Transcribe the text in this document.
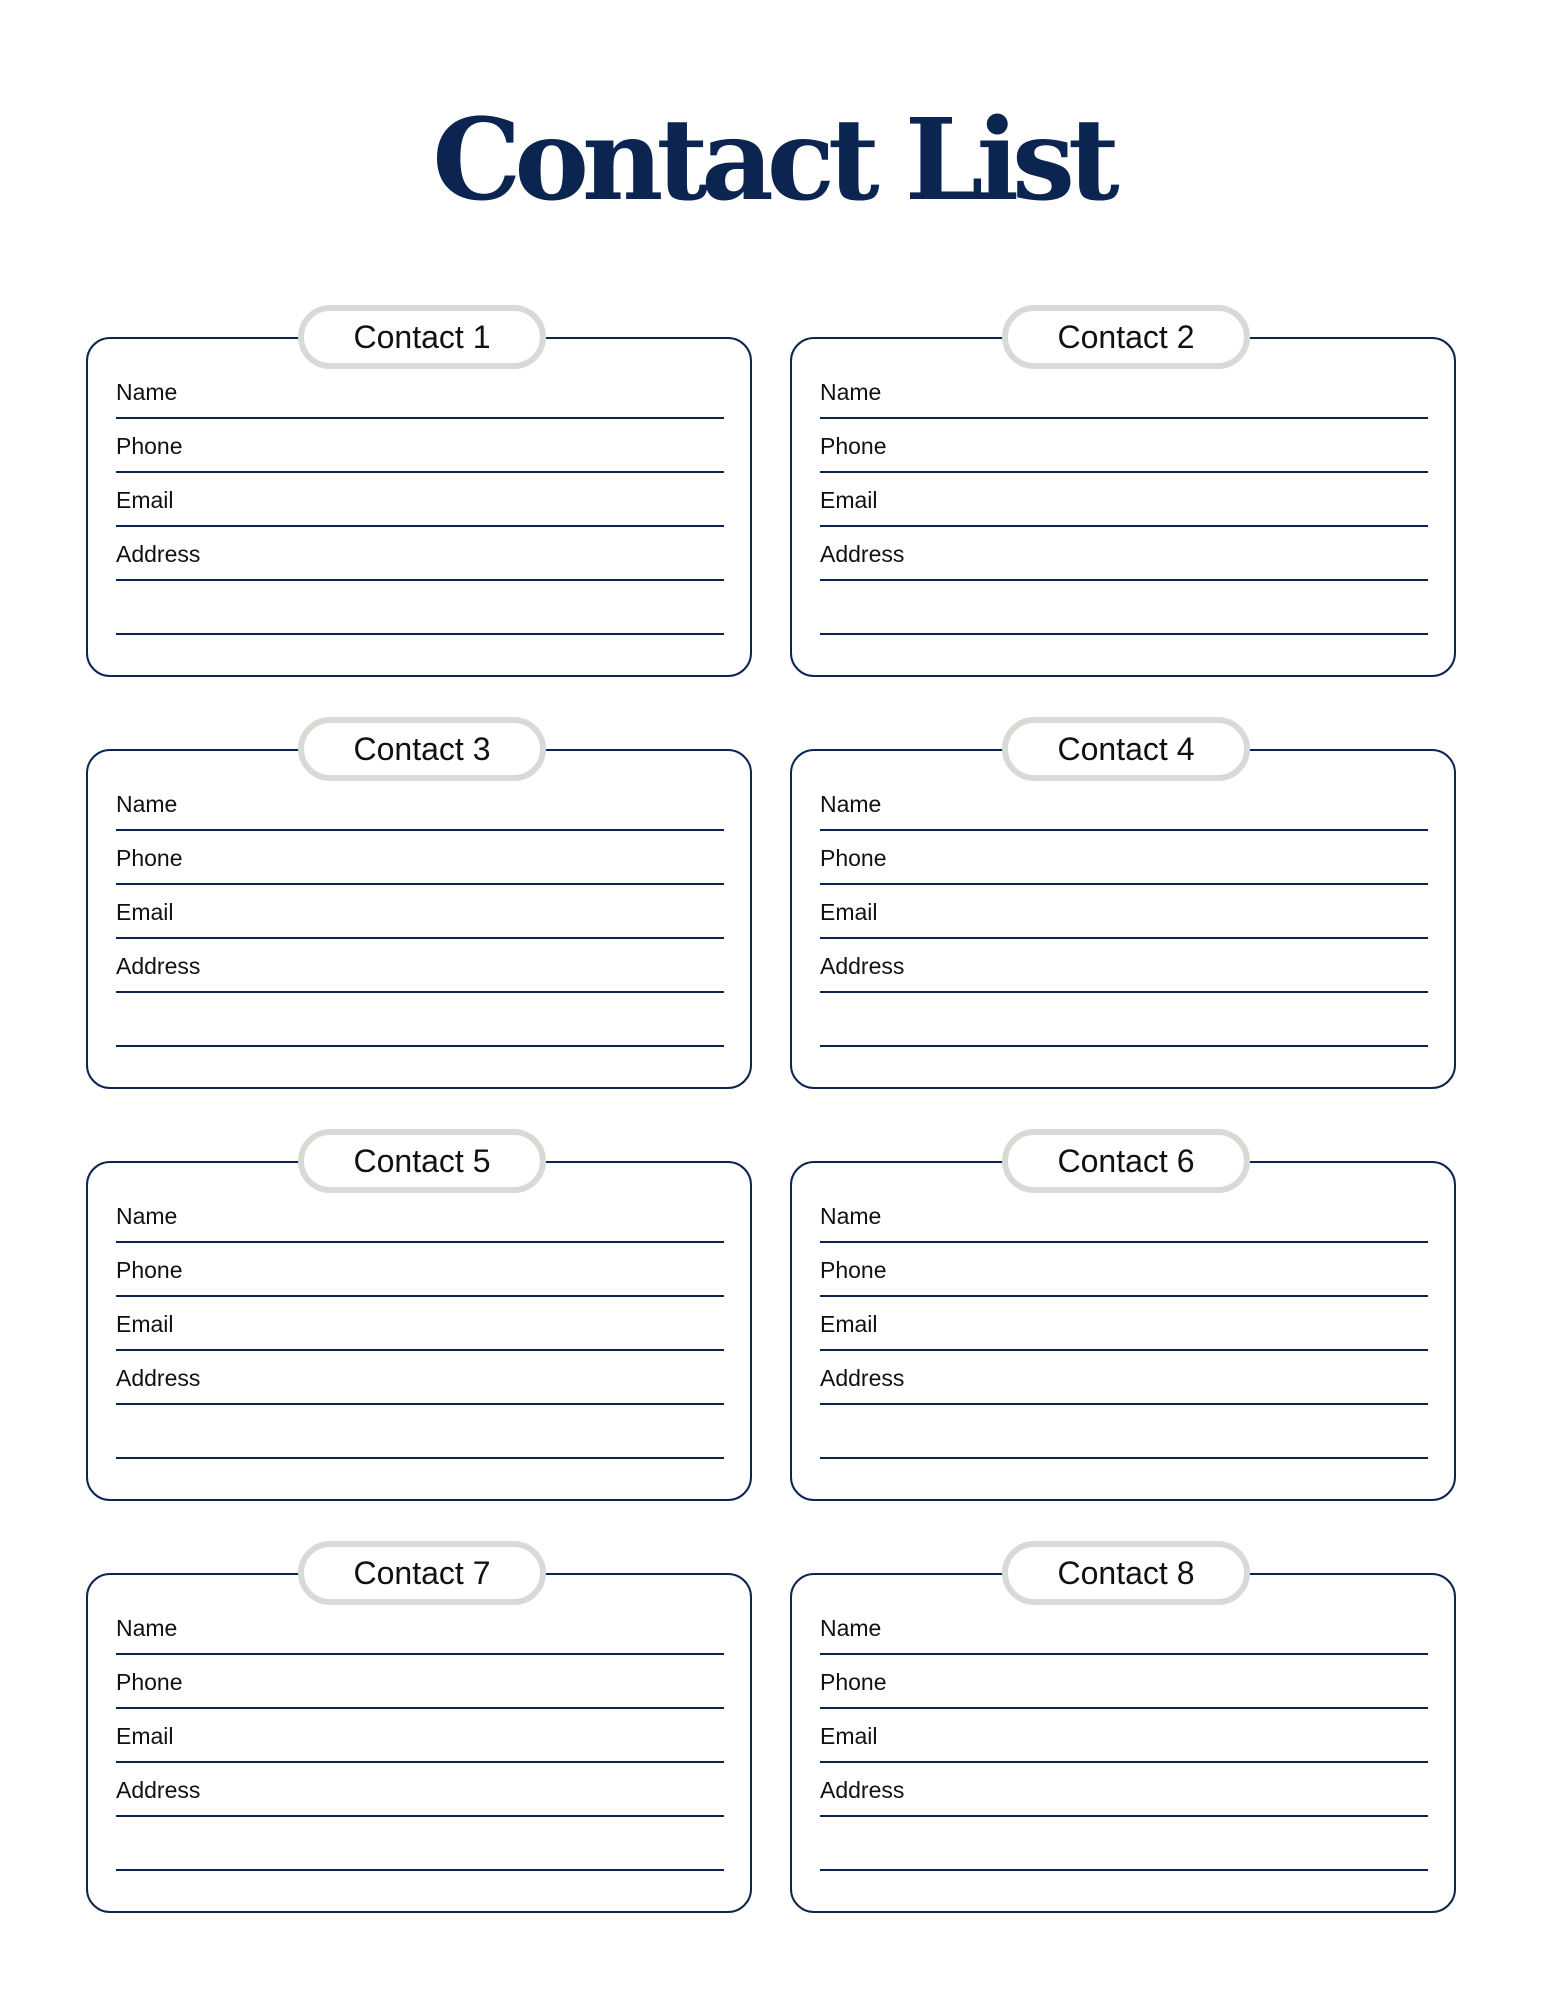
Contact List
Contact 1
Name
Phone
Email
Address
Contact 2
Name
Phone
Email
Address
Contact 3
Name
Phone
Email
Address
Contact 4
Name
Phone
Email
Address
Contact 5
Name
Phone
Email
Address
Contact 6
Name
Phone
Email
Address
Contact 7
Name
Phone
Email
Address
Contact 8
Name
Phone
Email
Address
